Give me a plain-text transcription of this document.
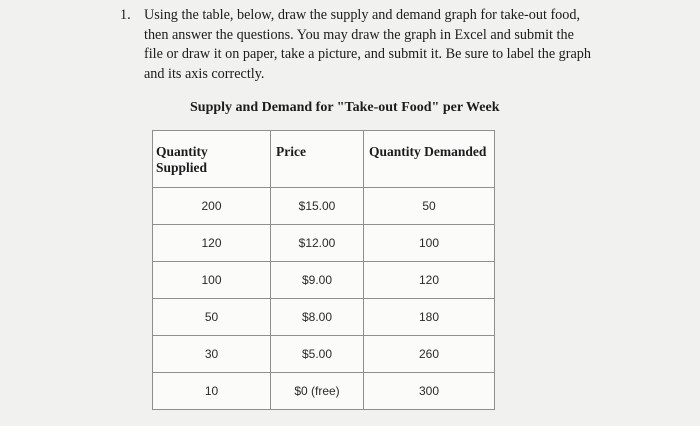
1. Using the table, below, draw the supply and demand graph for take-out food,
then answer the questions. You may draw the graph in Excel and submit the
file or draw it on paper, take a picture, and submit it. Be sure to label the graph
and its axis correctly.
Supply and Demand for "Take-out Food" per Week
Quantity
Supplied	Price	Quantity Demanded

200	$15.00	50
120	$12.00	100
100	$9.00	120
50	$8.00	180
30	$5.00	260
10	$0 (free)	300
